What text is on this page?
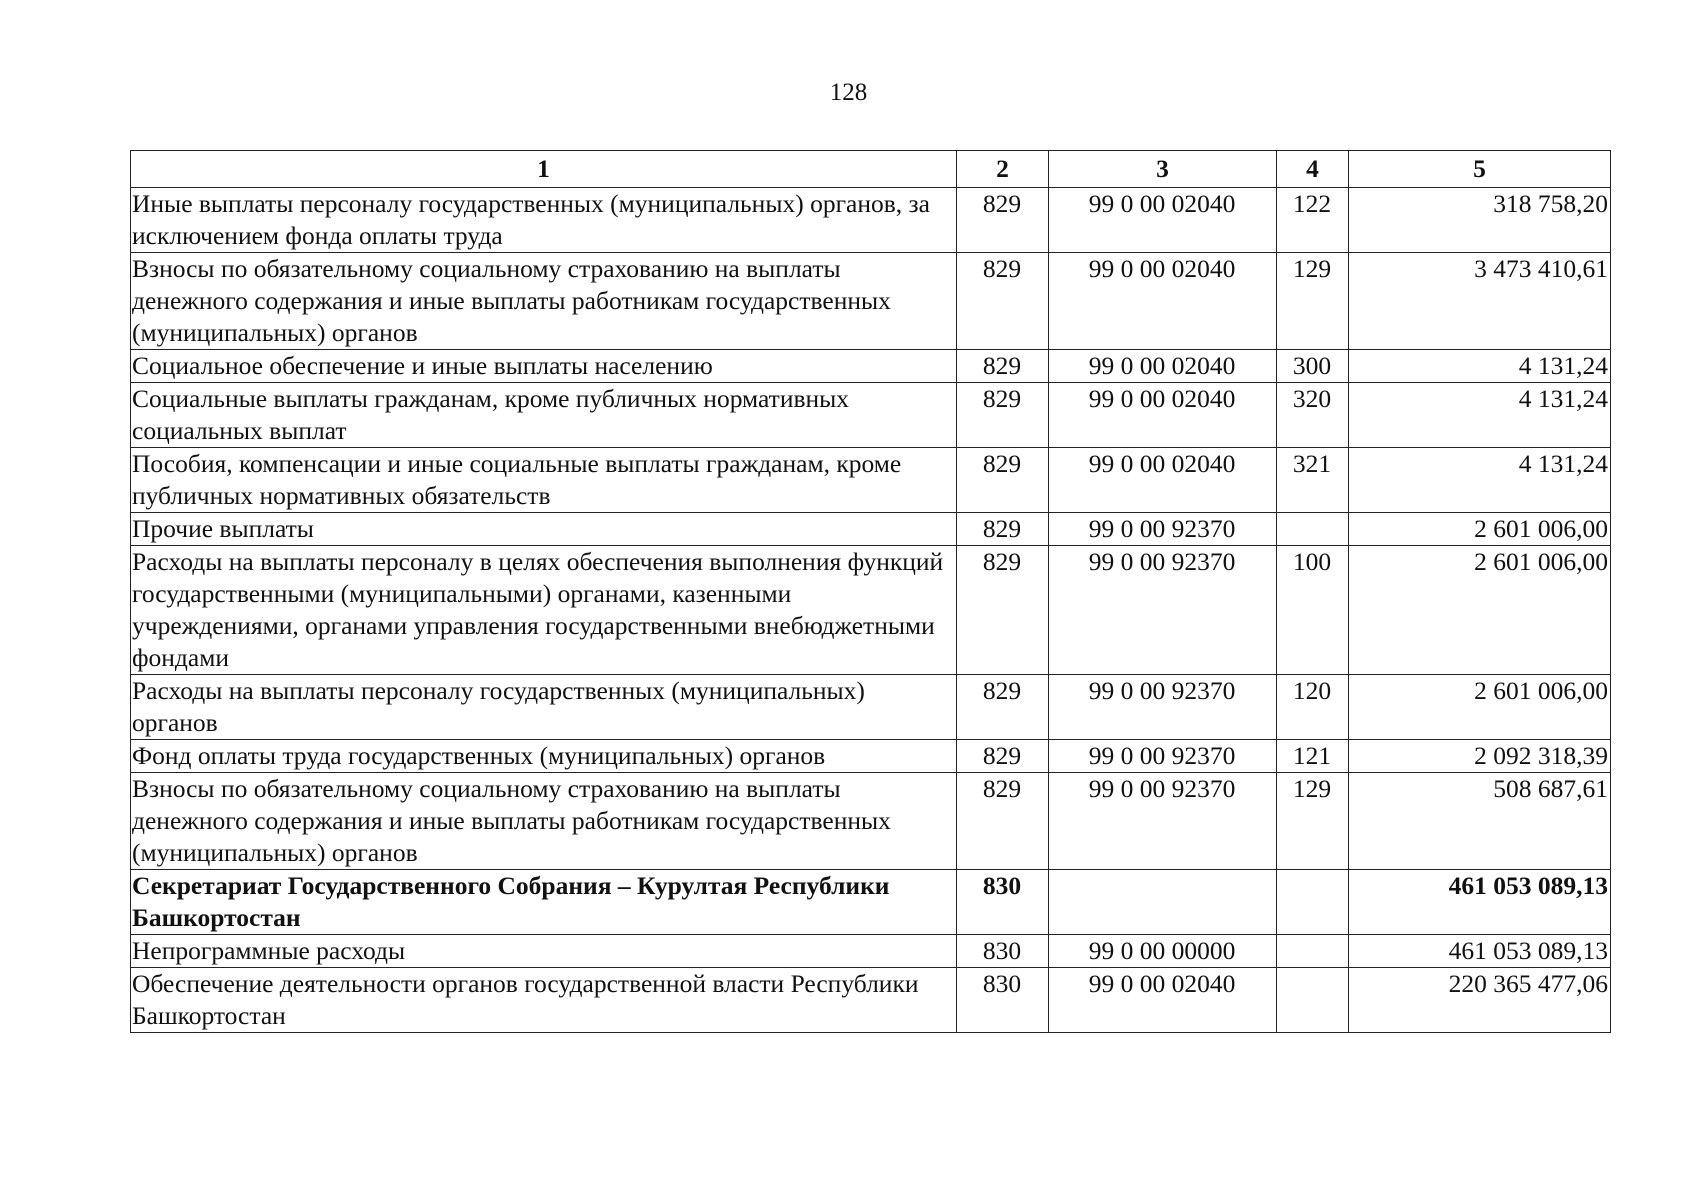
128
1	2	3	4	5
Иные выплаты персоналу государственных (муниципальных) органов, за исключением фонда оплаты труда	829	99 0 00 02040	122	318 758,20
Взносы по обязательному социальному страхованию на выплаты денежного содержания и иные выплаты работникам государственных (муниципальных) органов	829	99 0 00 02040	129	3 473 410,61
Социальное обеспечение и иные выплаты населению	829	99 0 00 02040	300	4 131,24
Социальные выплаты гражданам, кроме публичных нормативных социальных выплат	829	99 0 00 02040	320	4 131,24
Пособия, компенсации и иные социальные выплаты гражданам, кроме публичных нормативных обязательств	829	99 0 00 02040	321	4 131,24
Прочие выплаты	829	99 0 00 92370		2 601 006,00
Расходы на выплаты персоналу в целях обеспечения выполнения функций государственными (муниципальными) органами, казенными учреждениями, органами управления государственными внебюджетными фондами	829	99 0 00 92370	100	2 601 006,00
Расходы на выплаты персоналу государственных (муниципальных) органов	829	99 0 00 92370	120	2 601 006,00
Фонд оплаты труда государственных (муниципальных) органов	829	99 0 00 92370	121	2 092 318,39
Взносы по обязательному социальному страхованию на выплаты денежного содержания и иные выплаты работникам государственных (муниципальных) органов	829	99 0 00 92370	129	508 687,61
Секретариат Государственного Собрания – Курултая Республики Башкортостан	830			461 053 089,13
Непрограммные расходы	830	99 0 00 00000		461 053 089,13
Обеспечение деятельности органов государственной власти Республики Башкортостан	830	99 0 00 02040		220 365 477,06
